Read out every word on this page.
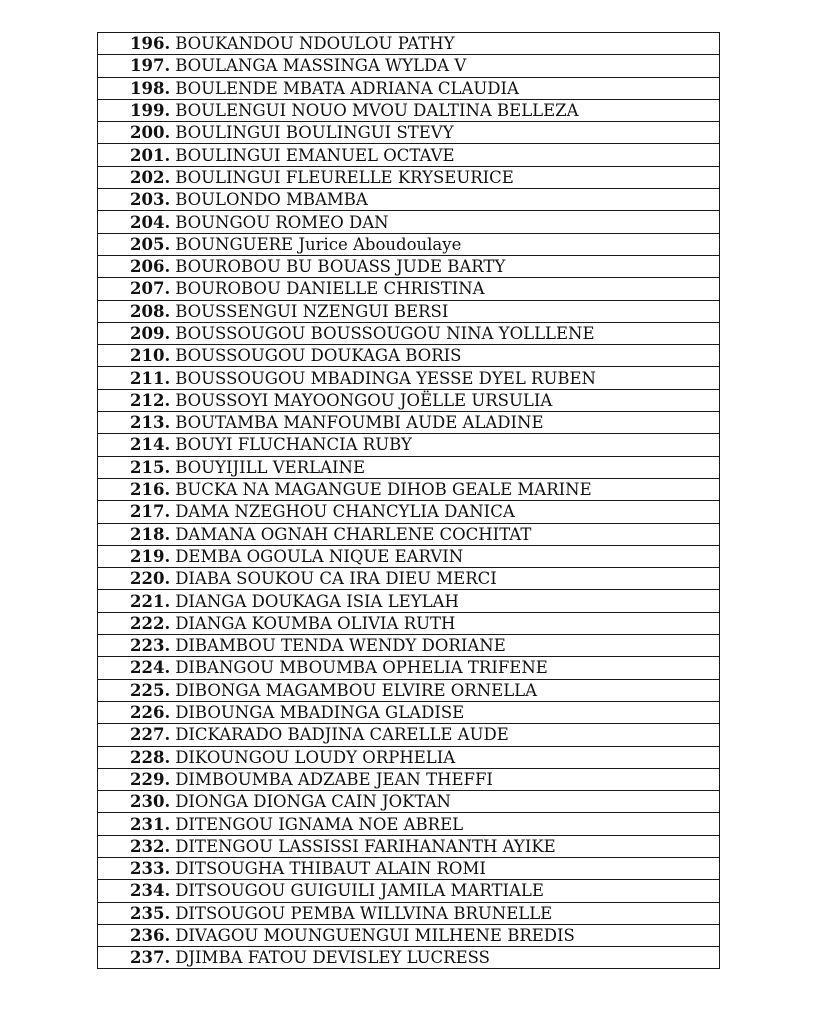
196. BOUKANDOU NDOULOU PATHY
197. BOULANGA MASSINGA WYLDA V
198. BOULENDE MBATA ADRIANA CLAUDIA
199. BOULENGUI NOUO MVOU DALTINA BELLEZA
200. BOULINGUI BOULINGUI STEVY
201. BOULINGUI EMANUEL OCTAVE
202. BOULINGUI FLEURELLE KRYSEURICE
203. BOULONDO MBAMBA
204. BOUNGOU ROMEO DAN
205. BOUNGUERE Jurice Aboudoulaye
206. BOUROBOU BU BOUASS JUDE BARTY
207. BOUROBOU DANIELLE CHRISTINA
208. BOUSSENGUI NZENGUI BERSI
209. BOUSSOUGOU BOUSSOUGOU NINA YOLLLENE
210. BOUSSOUGOU DOUKAGA BORIS
211. BOUSSOUGOU MBADINGA YESSE DYEL RUBEN
212. BOUSSOYI MAYOONGOU JOËLLE URSULIA
213. BOUTAMBA MANFOUMBI AUDE ALADINE
214. BOUYI FLUCHANCIA RUBY
215. BOUYIJILL VERLAINE
216. BUCKA NA MAGANGUE DIHOB GEALE MARINE
217. DAMA NZEGHOU CHANCYLIA DANICA
218. DAMANA OGNAH CHARLENE COCHITAT
219. DEMBA OGOULA NIQUE EARVIN
220. DIABA SOUKOU CA IRA DIEU MERCI
221. DIANGA DOUKAGA ISIA LEYLAH
222. DIANGA KOUMBA OLIVIA RUTH
223. DIBAMBOU TENDA WENDY DORIANE
224. DIBANGOU MBOUMBA OPHELIA TRIFENE
225. DIBONGA MAGAMBOU ELVIRE ORNELLA
226. DIBOUNGA MBADINGA GLADISE
227. DICKARADO BADJINA CARELLE AUDE
228. DIKOUNGOU LOUDY ORPHELIA
229. DIMBOUMBA ADZABE JEAN THEFFI
230. DIONGA DIONGA CAIN JOKTAN
231. DITENGOU IGNAMA NOE ABREL
232. DITENGOU LASSISSI FARIHANANTH AYIKE
233. DITSOUGHA THIBAUT ALAIN ROMI
234. DITSOUGOU GUIGUILI JAMILA MARTIALE
235. DITSOUGOU PEMBA WILLVINA BRUNELLE
236. DIVAGOU MOUNGUENGUI MILHENE BREDIS
237. DJIMBA FATOU DEVISLEY LUCRESS
